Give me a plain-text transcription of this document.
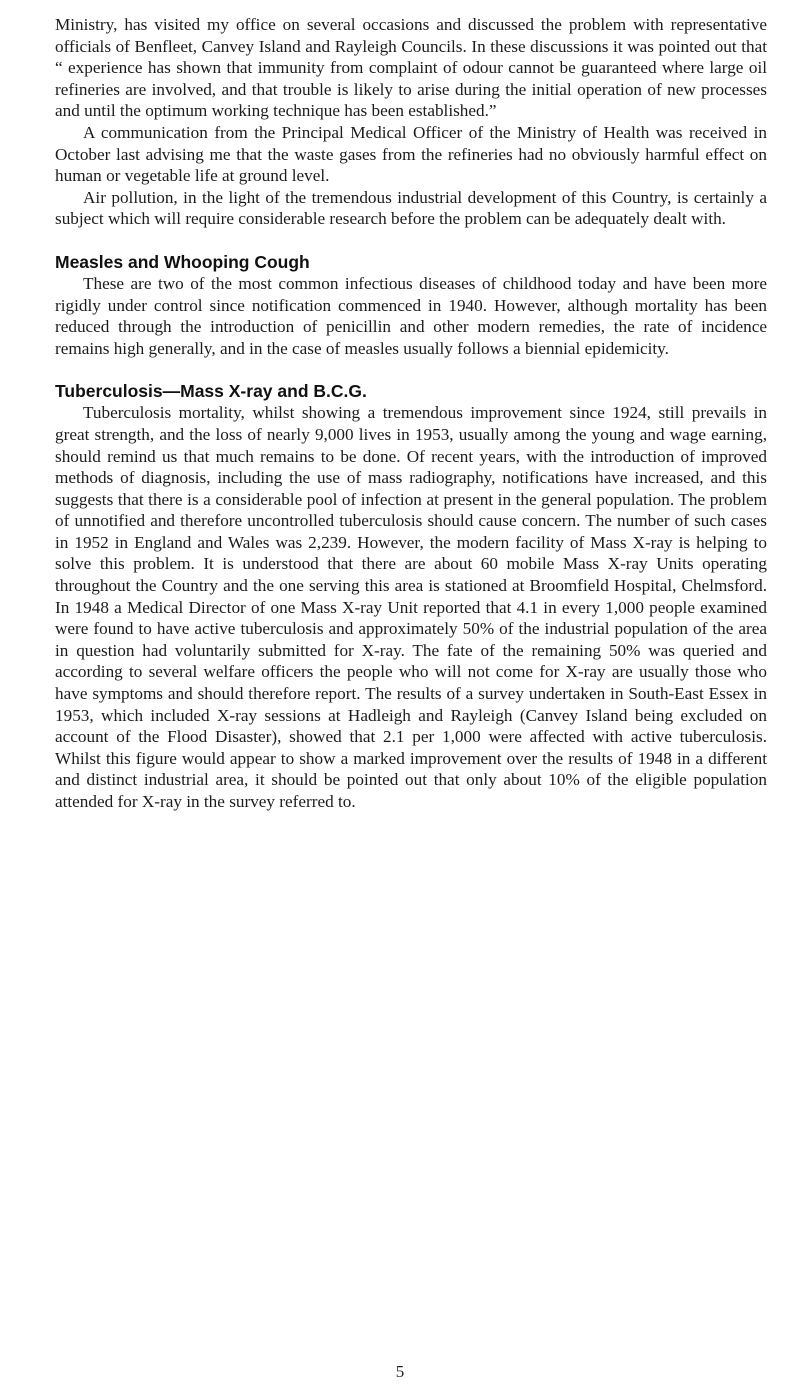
Ministry, has visited my office on several occasions and discussed the problem with representative officials of Benfleet, Canvey Island and Rayleigh Councils. In these discussions it was pointed out that “ experience has shown that immunity from complaint of odour cannot be guaranteed where large oil refineries are involved, and that trouble is likely to arise during the initial operation of new processes and until the optimum working technique has been established.”

A communication from the Principal Medical Officer of the Ministry of Health was received in October last advising me that the waste gases from the refineries had no obviously harmful effect on human or vegetable life at ground level.

Air pollution, in the light of the tremendous industrial development of this Country, is certainly a subject which will require considerable research before the problem can be adequately dealt with.

Measles and Whooping Cough

These are two of the most common infectious diseases of childhood today and have been more rigidly under control since notification commenced in 1940. However, although mortality has been reduced through the introduction of penicillin and other modern remedies, the rate of incidence remains high generally, and in the case of measles usually follows a biennial epidemicity.

Tuberculosis—Mass X-ray and B.C.G.

Tuberculosis mortality, whilst showing a tremendous improvement since 1924, still prevails in great strength, and the loss of nearly 9,000 lives in 1953, usually among the young and wage earning, should remind us that much remains to be done. Of recent years, with the introduction of improved methods of diagnosis, including the use of mass radiography, notifications have increased, and this suggests that there is a considerable pool of infection at present in the general population. The problem of unnotified and therefore uncontrolled tuberculosis should cause concern. The number of such cases in 1952 in England and Wales was 2,239. However, the modern facility of Mass X-ray is helping to solve this problem. It is understood that there are about 60 mobile Mass X-ray Units operating throughout the Country and the one serving this area is stationed at Broomfield Hospital, Chelmsford. In 1948 a Medical Director of one Mass X-ray Unit reported that 4.1 in every 1,000 people examined were found to have active tuberculosis and approximately 50% of the industrial population of the area in question had voluntarily submitted for X-ray. The fate of the remaining 50% was queried and according to several welfare officers the people who will not come for X-ray are usually those who have symptoms and should therefore report. The results of a survey undertaken in South-East Essex in 1953, which included X-ray sessions at Hadleigh and Rayleigh (Canvey Island being excluded on account of the Flood Disaster), showed that 2.1 per 1,000 were affected with active tuberculosis. Whilst this figure would appear to show a marked improvement over the results of 1948 in a different and distinct industrial area, it should be pointed out that only about 10% of the eligible population attended for X-ray in the survey referred to.

5
